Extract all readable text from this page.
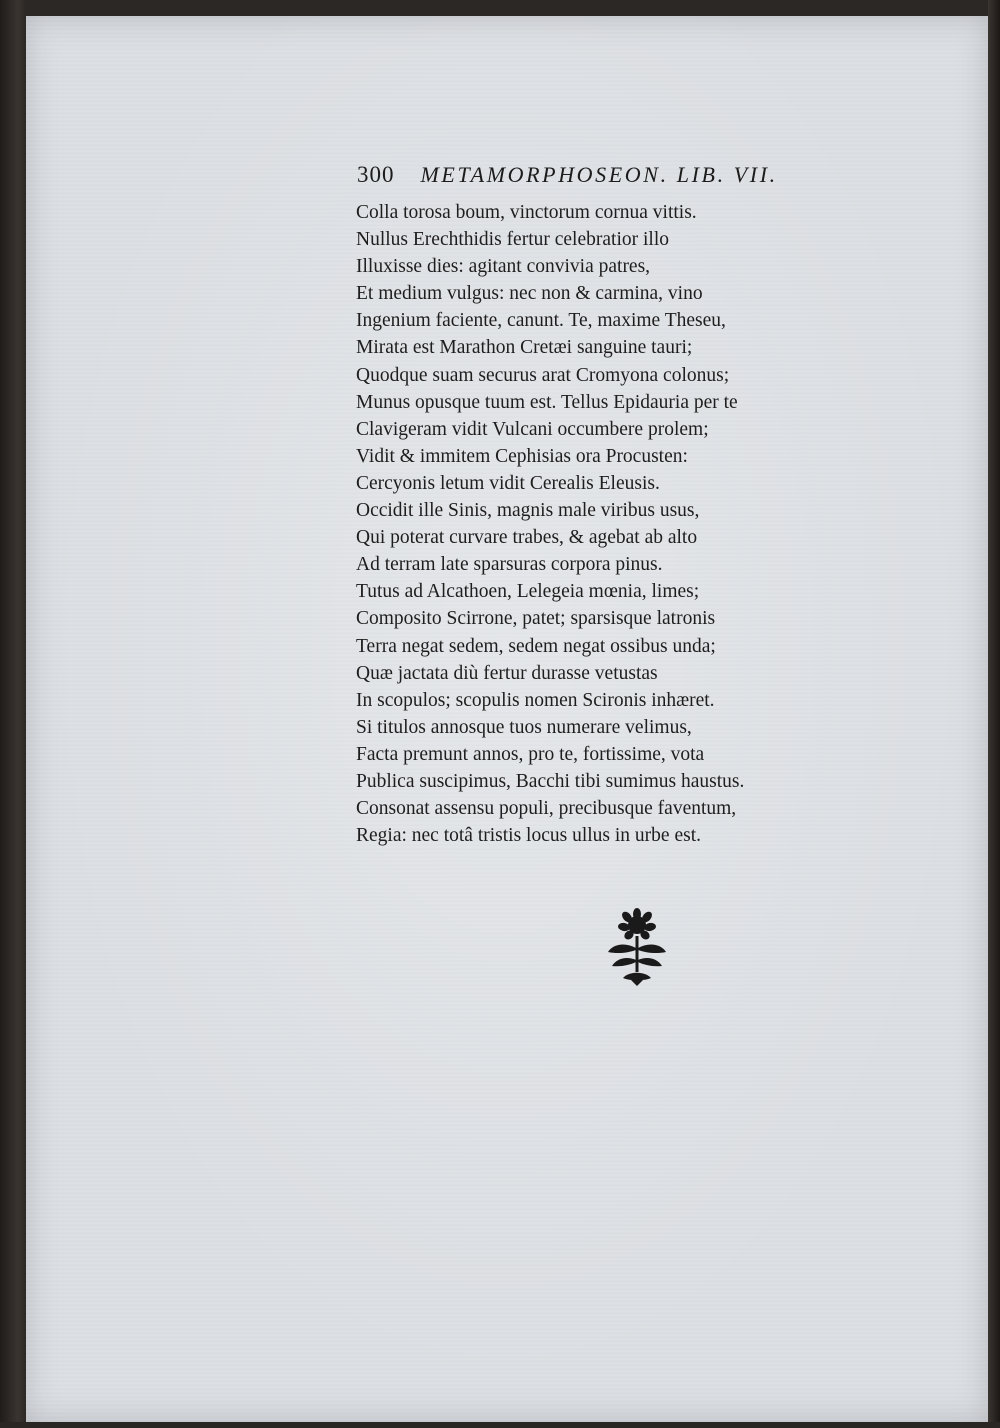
300 METAMORPHOSEON. LIB. VII.
Colla torosa boum, vinctorum cornua vittis.
Nullus Erechthidis fertur celebratior illo
Illuxisse dies: agitant convivia patres,
Et medium vulgus: nec non & carmina, vino
Ingenium faciente, canunt. Te, maxime Theseu,
Mirata est Marathon Cretæi sanguine tauri;
Quodque suam securus arat Cromyona colonus;
Munus opusque tuum est. Tellus Epidauria per te
Clavigeram vidit Vulcani occumbere prolem;
Vidit & immitem Cephisias ora Procusten:
Cercyonis letum vidit Cerealis Eleusis.
Occidit ille Sinis, magnis male viribus usus,
Qui poterat curvare trabes, & agebat ab alto
Ad terram late sparsuras corpora pinus.
Tutus ad Alcathoen, Lelegeia mœnia, limes;
Composito Scirrone, patet; sparsisque latronis
Terra negat sedem, sedem negat ossibus unda;
Quæ jactata diù fertur durasse vetustas
In scopulos; scopulis nomen Scironis inhæret.
Si titulos annosque tuos numerare velimus,
Facta premunt annos, pro te, fortissime, vota
Publica suscipimus, Bacchi tibi sumimus haustus.
Consonat assensu populi, precibusque faventum,
Regia: nec totâ tristis locus ullus in urbe est.
